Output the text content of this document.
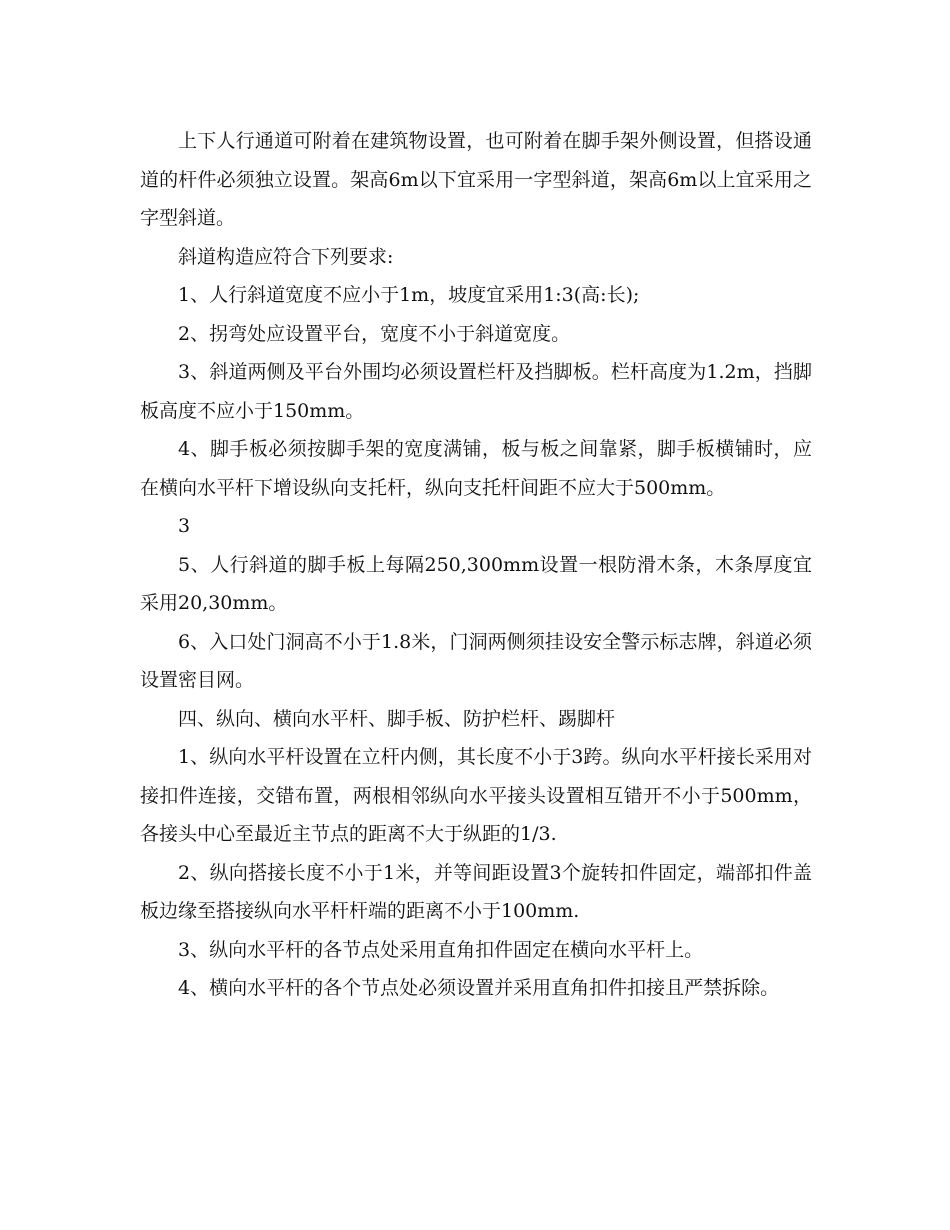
上下人行通道可附着在建筑物设置，也可附着在脚手架外侧设置，但搭设通道的杆件必须独立设置。架高6m以下宜采用一字型斜道，架高6m以上宜采用之字型斜道。

斜道构造应符合下列要求:

1、人行斜道宽度不应小于1m，坡度宜采用1:3(高:长);

2、拐弯处应设置平台，宽度不小于斜道宽度。

3、斜道两侧及平台外围均必须设置栏杆及挡脚板。栏杆高度为1.2m，挡脚板高度不应小于150mm。

4、脚手板必须按脚手架的宽度满铺，板与板之间靠紧，脚手板横铺时，应在横向水平杆下增设纵向支托杆，纵向支托杆间距不应大于500mm。

3

5、人行斜道的脚手板上每隔250,300mm设置一根防滑木条，木条厚度宜采用20,30mm。

6、入口处门洞高不小于1.8米，门洞两侧须挂设安全警示标志牌，斜道必须设置密目网。

四、纵向、横向水平杆、脚手板、防护栏杆、踢脚杆

1、纵向水平杆设置在立杆内侧，其长度不小于3跨。纵向水平杆接长采用对接扣件连接，交错布置，两根相邻纵向水平接头设置相互错开不小于500mm，各接头中心至最近主节点的距离不大于纵距的1/3.

2、纵向搭接长度不小于1米，并等间距设置3个旋转扣件固定，端部扣件盖板边缘至搭接纵向水平杆杆端的距离不小于100mm.

3、纵向水平杆的各节点处采用直角扣件固定在横向水平杆上。

4、横向水平杆的各个节点处必须设置并采用直角扣件扣接且严禁拆除。
